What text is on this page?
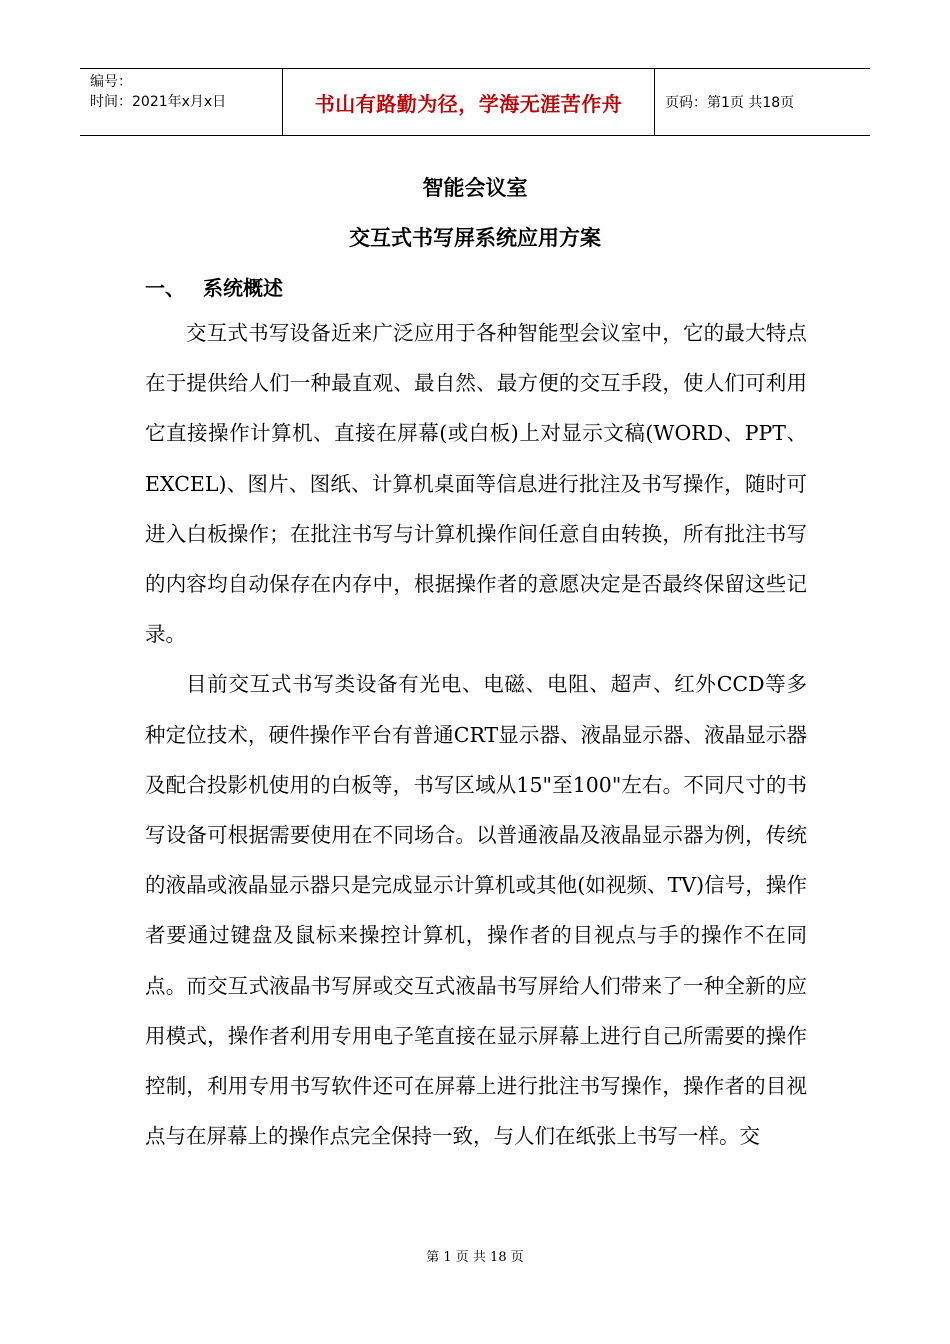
编号：
时间：2021年x月x日	书山有路勤为径，学海无涯苦作舟	页码：第1页 共18页
智能会议室
交互式书写屏系统应用方案
一、 系统概述

交互式书写设备近来广泛应用于各种智能型会议室中，它的最大特点在于提供给人们一种最直观、最自然、最方便的交互手段，使人们可利用它直接操作计算机、直接在屏幕(或白板)上对显示文稿(WORD、PPT、EXCEL)、图片、图纸、计算机桌面等信息进行批注及书写操作，随时可进入白板操作；在批注书写与计算机操作间任意自由转换，所有批注书写的内容均自动保存在内存中，根据操作者的意愿决定是否最终保留这些记录。

目前交互式书写类设备有光电、电磁、电阻、超声、红外CCD等多种定位技术，硬件操作平台有普通CRT显示器、液晶显示器、液晶显示器及配合投影机使用的白板等，书写区域从15"至100"左右。不同尺寸的书写设备可根据需要使用在不同场合。以普通液晶及液晶显示器为例，传统的液晶或液晶显示器只是完成显示计算机或其他(如视频、TV)信号，操作者要通过键盘及鼠标来操控计算机，操作者的目视点与手的操作不在同点。而交互式液晶书写屏或交互式液晶书写屏给人们带来了一种全新的应用模式，操作者利用专用电子笔直接在显示屏幕上进行自己所需要的操作控制，利用专用书写软件还可在屏幕上进行批注书写操作，操作者的目视点与在屏幕上的操作点完全保持一致，与人们在纸张上书写一样。交

第 1 页 共 18 页
